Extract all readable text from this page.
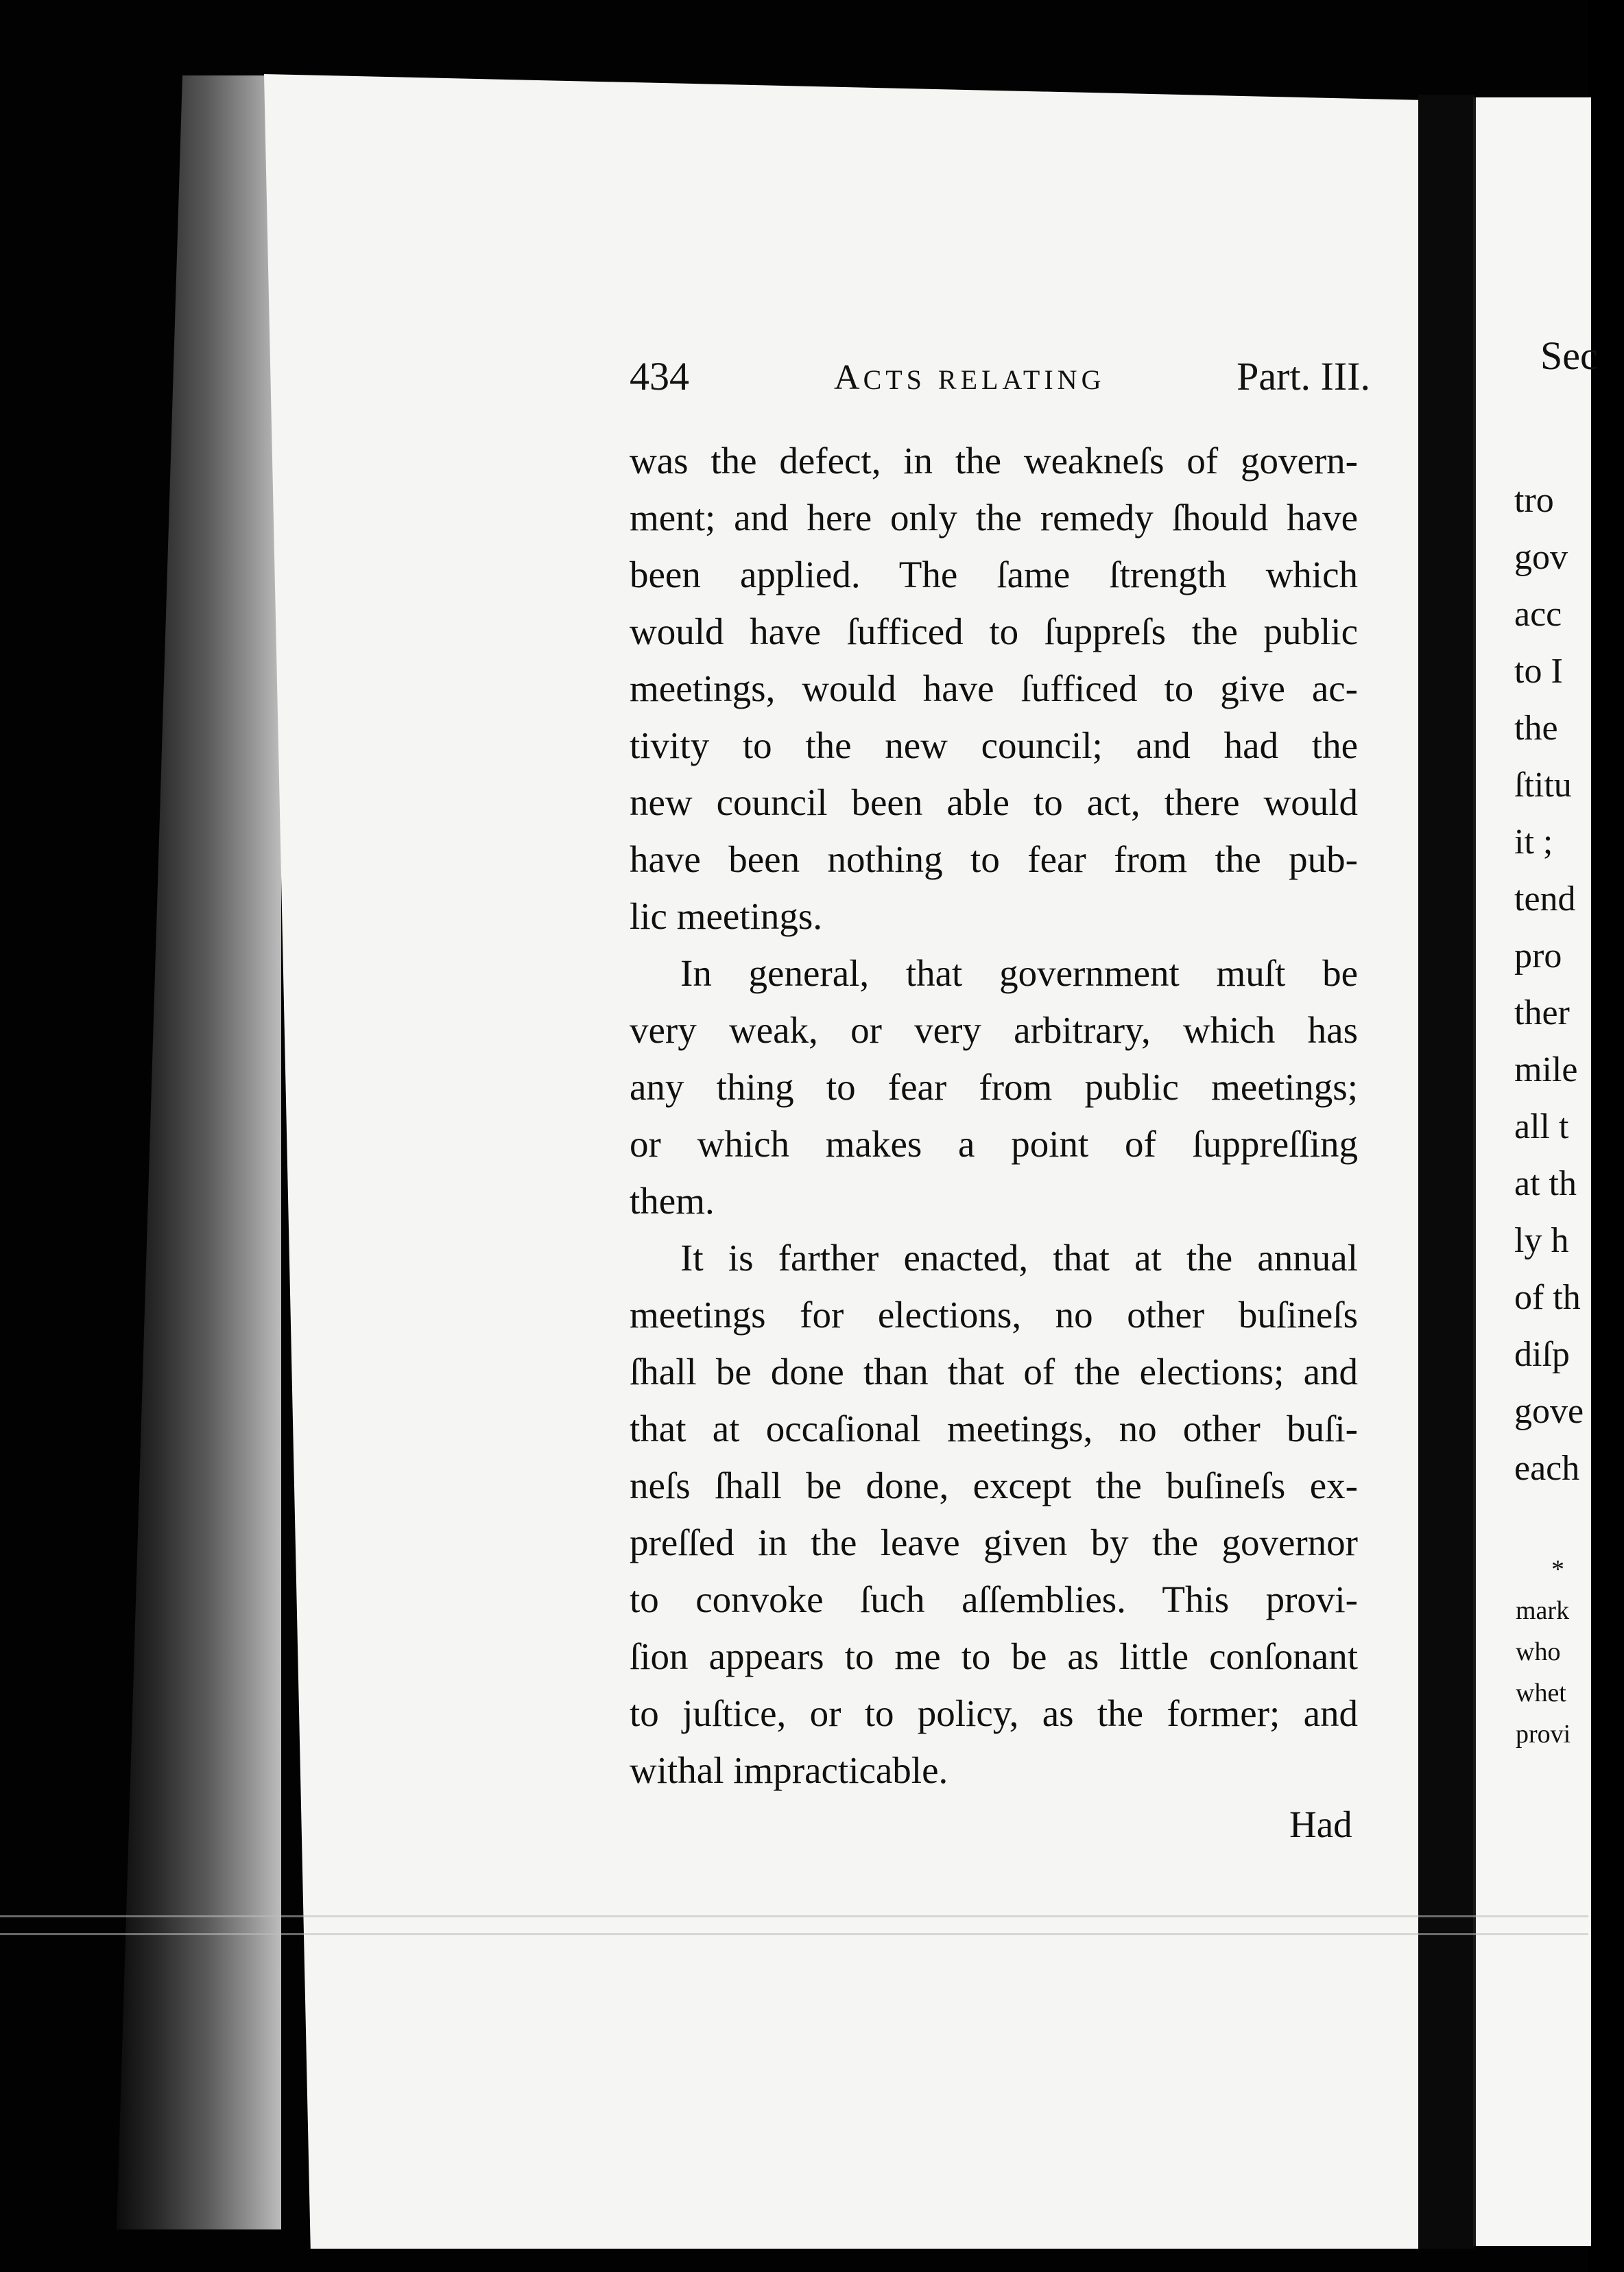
434	ACTS RELATING	Part. III.
was the defect, in the weakneſs of govern-
ment; and here only the remedy ſhould have
been applied. The ſame ſtrength which
would have ſufficed to ſuppreſs the public
meetings, would have ſufficed to give ac-
tivity to the new council; and had the
new council been able to act, there would
have been nothing to fear from the pub-
lic meetings.
In general, that government muſt be
very weak, or very arbitrary, which has
any thing to fear from public meetings;
or which makes a point of ſuppreſſing
them.
It is farther enacted, that at the annual
meetings for elections, no other buſineſs
ſhall be done than that of the elections; and
that at occaſional meetings, no other buſi-
neſs ſhall be done, except the buſineſs ex-
preſſed in the leave given by the governor
to convoke ſuch aſſemblies. This provi-
ſion appears to me to be as little conſonant
to juſtice, or to policy, as the former; and
withal impracticable.
Had
Sec
tro
gov
acc
to I
the
ſtitu
it ;
tend
pro
ther
mile
all t
at th
ly h
of th
diſp
gove
each
*
mark
who
whet
provi
